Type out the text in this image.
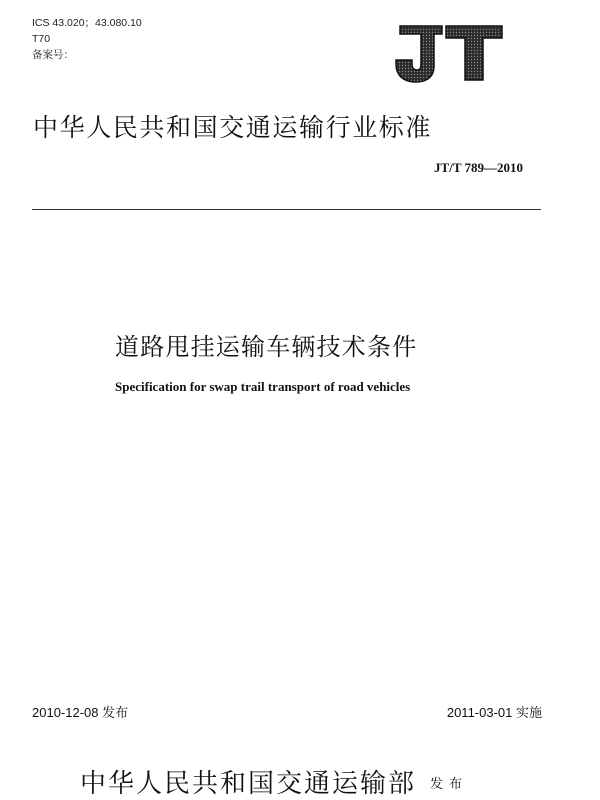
ICS 43.020；43.080.10
T70
备案号：
中华人民共和国交通运输行业标准
JT/T 789—2010
道路甩挂运输车辆技术条件
Specification for swap trail transport of road vehicles
2010-12-08 发布	2011-03-01 实施
中华人民共和国交通运输部 发布
